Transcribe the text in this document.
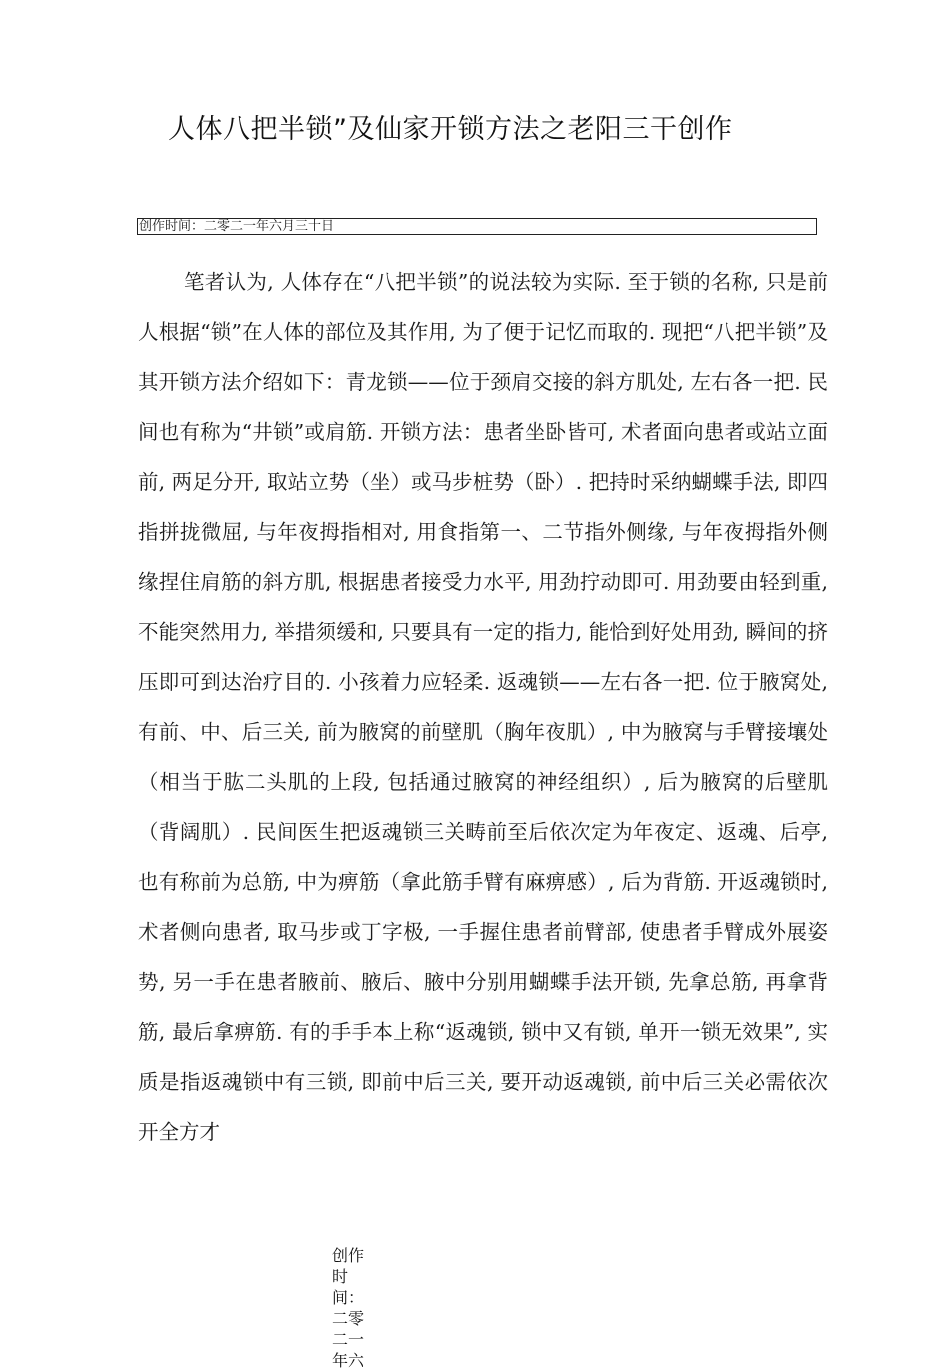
人体八把半锁”及仙家开锁方法之老阳三干创作
创作时间：二零二一年六月三十日
笔者认为, 人体存在“八把半锁”的说法较为实际. 至于锁的名称, 只是前人根据“锁”在人体的部位及其作用, 为了便于记忆而取的. 现把“八把半锁”及其开锁方法介绍如下：青龙锁——位于颈肩交接的斜方肌处, 左右各一把. 民间也有称为“井锁”或肩筋. 开锁方法：患者坐卧皆可, 术者面向患者或站立面前, 两足分开, 取站立势（坐）或马步桩势（卧）. 把持时采纳蝴蝶手法, 即四指拼拢微屈, 与年夜拇指相对, 用食指第一、二节指外侧缘, 与年夜拇指外侧缘捏住肩筋的斜方肌, 根据患者接受力水平, 用劲拧动即可. 用劲要由轻到重, 不能突然用力, 举措须缓和, 只要具有一定的指力, 能恰到好处用劲, 瞬间的挤压即可到达治疗目的. 小孩着力应轻柔. 返魂锁——左右各一把. 位于腋窝处, 有前、中、后三关, 前为腋窝的前壁肌（胸年夜肌）, 中为腋窝与手臂接壤处（相当于肱二头肌的上段, 包括通过腋窝的神经组织）, 后为腋窝的后壁肌（背阔肌）. 民间医生把返魂锁三关畴前至后依次定为年夜定、返魂、后亭, 也有称前为总筋, 中为痹筋（拿此筋手臂有麻痹感）, 后为背筋. 开返魂锁时, 术者侧向患者, 取马步或丁字极, 一手握住患者前臂部, 使患者手臂成外展姿势, 另一手在患者腋前、腋后、腋中分别用蝴蝶手法开锁, 先拿总筋, 再拿背筋, 最后拿痹筋. 有的手手本上称“返魂锁, 锁中又有锁, 单开一锁无效果”, 实质是指返魂锁中有三锁, 即前中后三关, 要开动返魂锁, 前中后三关必需依次开全方才
创作时间：二零二一年六
